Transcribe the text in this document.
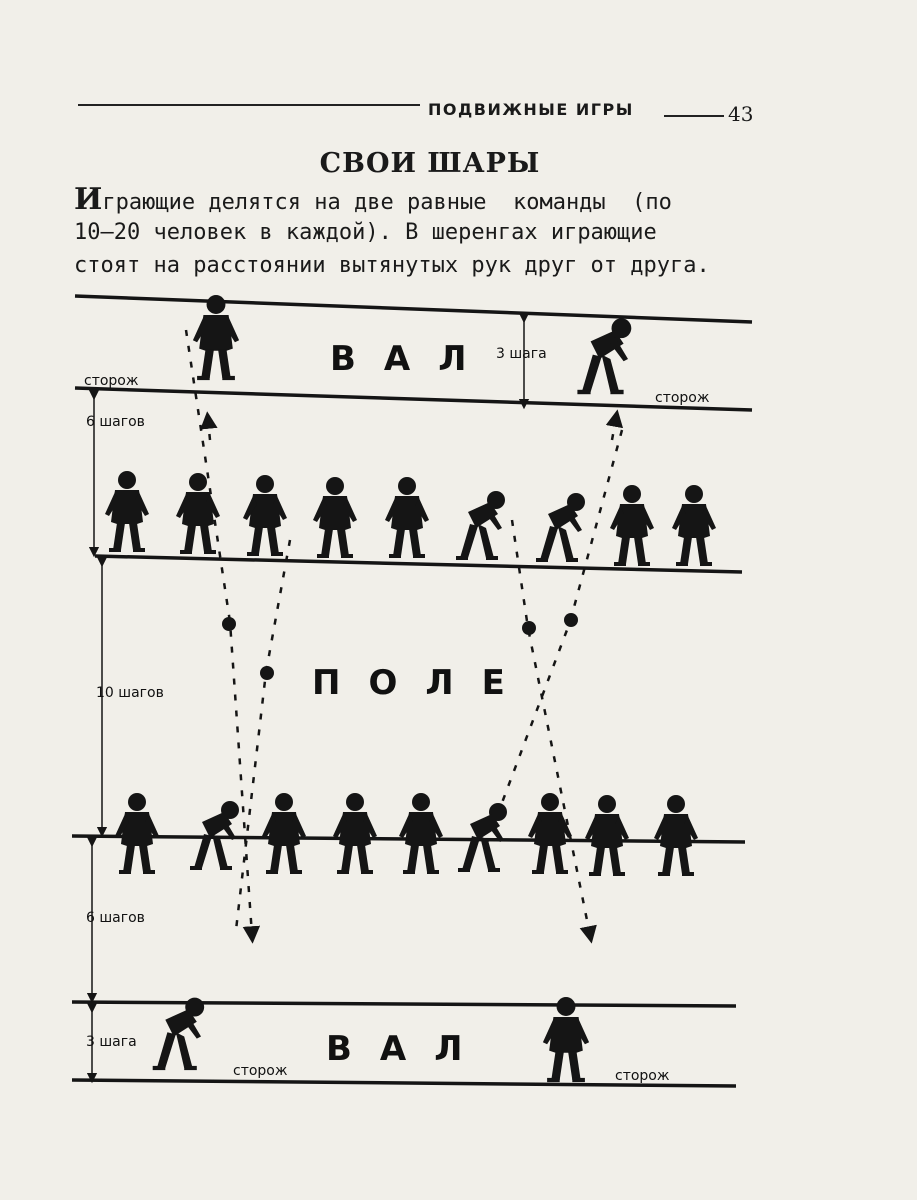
ПОДВИЖНЫЕ ИГРЫ	43
СВОИ ШАРЫ
Играющие делятся на две равные  команды  (по
10—20 человек в каждой). В шеренгах играющие
стоят на расстоянии вытянутых рук друг от друга.
ВАЛ
ПОЛЕ
ВАЛ
сторож
сторож
сторож	сторож
3 шага
6 шагов
10 шагов
6 шагов
3 шага
